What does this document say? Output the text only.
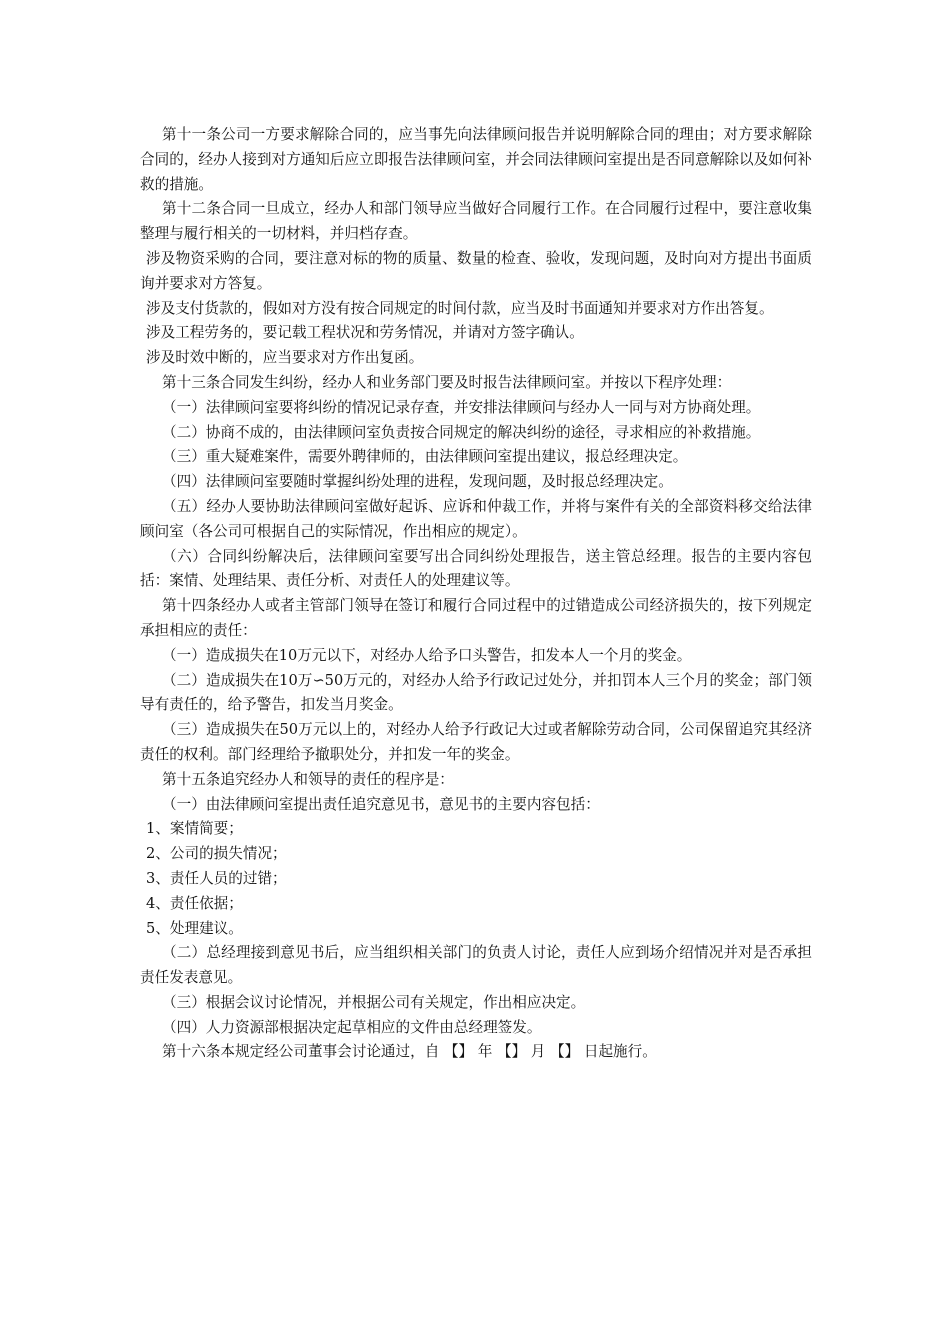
第十一条公司一方要求解除合同的，应当事先向法律顾问报告并说明解除合同的理由；对方要求解除合同的，经办人接到对方通知后应立即报告法律顾问室，并会同法律顾问室提出是否同意解除以及如何补救的措施。

第十二条合同一旦成立，经办人和部门领导应当做好合同履行工作。在合同履行过程中，要注意收集整理与履行相关的一切材料，并归档存查。

涉及物资采购的合同，要注意对标的物的质量、数量的检查、验收，发现问题，及时向对方提出书面质询并要求对方答复。

涉及支付货款的，假如对方没有按合同规定的时间付款，应当及时书面通知并要求对方作出答复。

涉及工程劳务的，要记载工程状况和劳务情况，并请对方签字确认。

涉及时效中断的，应当要求对方作出复函。

第十三条合同发生纠纷，经办人和业务部门要及时报告法律顾问室。并按以下程序处理：

（一）法律顾问室要将纠纷的情况记录存查，并安排法律顾问与经办人一同与对方协商处理。

（二）协商不成的，由法律顾问室负责按合同规定的解决纠纷的途径，寻求相应的补救措施。

（三）重大疑难案件，需要外聘律师的，由法律顾问室提出建议，报总经理决定。

（四）法律顾问室要随时掌握纠纷处理的进程，发现问题，及时报总经理决定。

（五）经办人要协助法律顾问室做好起诉、应诉和仲裁工作，并将与案件有关的全部资料移交给法律顾问室（各公司可根据自己的实际情况，作出相应的规定）。

（六）合同纠纷解决后，法律顾问室要写出合同纠纷处理报告，送主管总经理。报告的主要内容包括：案情、处理结果、责任分析、对责任人的处理建议等。

第十四条经办人或者主管部门领导在签订和履行合同过程中的过错造成公司经济损失的，按下列规定承担相应的责任：

（一）造成损失在10万元以下，对经办人给予口头警告，扣发本人一个月的奖金。

（二）造成损失在10万∽50万元的，对经办人给予行政记过处分，并扣罚本人三个月的奖金；部门领导有责任的，给予警告，扣发当月奖金。

（三）造成损失在50万元以上的，对经办人给予行政记大过或者解除劳动合同，公司保留追究其经济责任的权利。部门经理给予撤职处分，并扣发一年的奖金。

第十五条追究经办人和领导的责任的程序是：

（一）由法律顾问室提出责任追究意见书，意见书的主要内容包括：

1、案情简要；

2、公司的损失情况；

3、责任人员的过错；

4、责任依据；

5、处理建议。

（二）总经理接到意见书后，应当组织相关部门的负责人讨论，责任人应到场介绍情况并对是否承担责任发表意见。

（三）根据会议讨论情况，并根据公司有关规定，作出相应决定。

（四）人力资源部根据决定起草相应的文件由总经理签发。

第十六条本规定经公司董事会讨论通过，自 【】 年 【】 月 【】 日起施行。
